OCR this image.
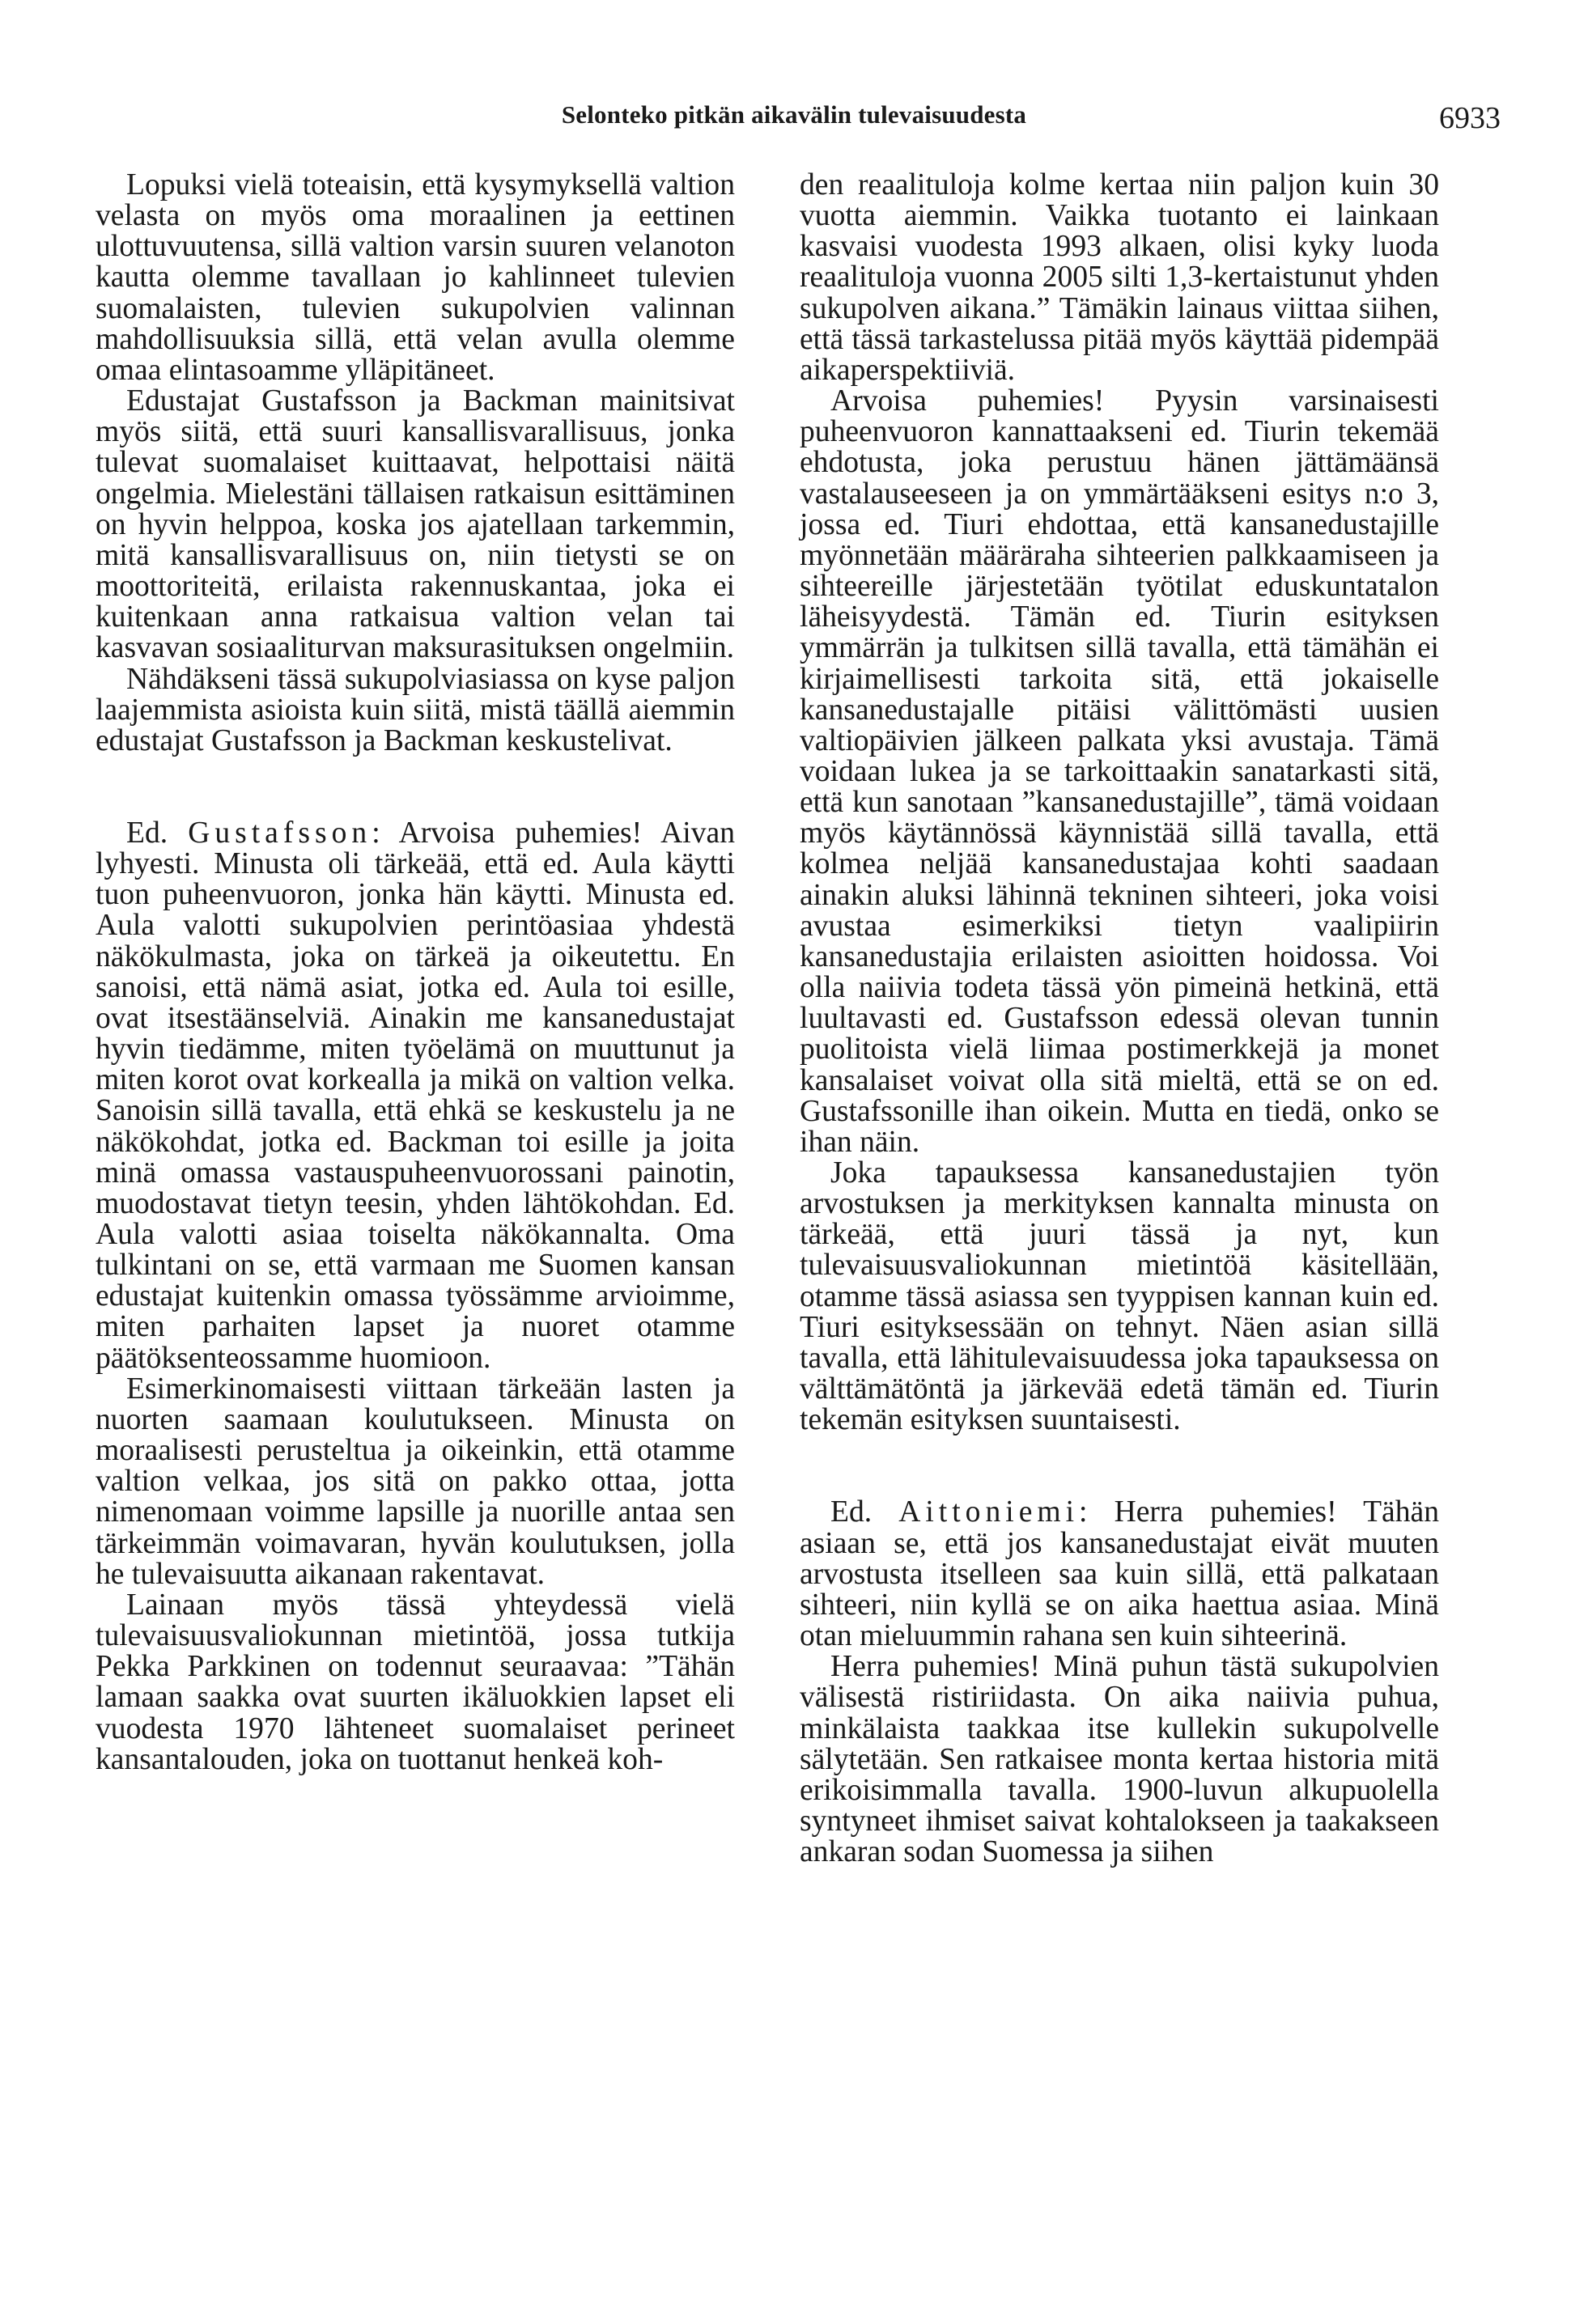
Selonteko pitkän aikavälin tulevaisuudesta	6933

Lopuksi vielä toteaisin, että kysymyksellä valtion velasta on myös oma moraalinen ja eettinen ulottuvuutensa, sillä valtion varsin suuren velanoton kautta olemme tavallaan jo kahlinneet tulevien suomalaisten, tulevien sukupolvien valinnan mahdollisuuksia sillä, että velan avulla olemme omaa elintasoamme ylläpitäneet.

Edustajat Gustafsson ja Backman mainitsivat myös siitä, että suuri kansallisvarallisuus, jonka tulevat suomalaiset kuittaavat, helpottaisi näitä ongelmia. Mielestäni tällaisen ratkaisun esittäminen on hyvin helppoa, koska jos ajatellaan tarkemmin, mitä kansallisvarallisuus on, niin tietysti se on moottoriteitä, erilaista rakennuskantaa, joka ei kuitenkaan anna ratkaisua valtion velan tai kasvavan sosiaaliturvan maksurasituksen ongelmiin.

Nähdäkseni tässä sukupolviasiassa on kyse paljon laajemmista asioista kuin siitä, mistä täällä aiemmin edustajat Gustafsson ja Backman keskustelivat.

Ed. Gustafsson: Arvoisa puhemies! Aivan lyhyesti. Minusta oli tärkeää, että ed. Aula käytti tuon puheenvuoron, jonka hän käytti. Minusta ed. Aula valotti sukupolvien perintöasiaa yhdestä näkökulmasta, joka on tärkeä ja oikeutettu. En sanoisi, että nämä asiat, jotka ed. Aula toi esille, ovat itsestäänselviä. Ainakin me kansanedustajat hyvin tiedämme, miten työelämä on muuttunut ja miten korot ovat korkealla ja mikä on valtion velka. Sanoisin sillä tavalla, että ehkä se keskustelu ja ne näkökohdat, jotka ed. Backman toi esille ja joita minä omassa vastauspuheenvuorossani painotin, muodostavat tietyn teesin, yhden lähtökohdan. Ed. Aula valotti asiaa toiselta näkökannalta. Oma tulkintani on se, että varmaan me Suomen kansan edustajat kuitenkin omassa työssämme arvioimme, miten parhaiten lapset ja nuoret otamme päätöksenteossamme huomioon.

Esimerkinomaisesti viittaan tärkeään lasten ja nuorten saamaan koulutukseen. Minusta on moraalisesti perusteltua ja oikeinkin, että otamme valtion velkaa, jos sitä on pakko ottaa, jotta nimenomaan voimme lapsille ja nuorille antaa sen tärkeimmän voimavaran, hyvän koulutuksen, jolla he tulevaisuutta aikanaan rakentavat.

Lainaan myös tässä yhteydessä vielä tulevaisuusvaliokunnan mietintöä, jossa tutkija Pekka Parkkinen on todennut seuraavaa: ”Tähän lamaan saakka ovat suurten ikäluokkien lapset eli vuodesta 1970 lähteneet suomalaiset perineet kansantalouden, joka on tuottanut henkeä koh-

den reaalituloja kolme kertaa niin paljon kuin 30 vuotta aiemmin. Vaikka tuotanto ei lainkaan kasvaisi vuodesta 1993 alkaen, olisi kyky luoda reaalituloja vuonna 2005 silti 1,3-kertaistunut yhden sukupolven aikana.” Tämäkin lainaus viittaa siihen, että tässä tarkastelussa pitää myös käyttää pidempää aikaperspektiiviä.

Arvoisa puhemies! Pyysin varsinaisesti puheenvuoron kannattaakseni ed. Tiurin tekemää ehdotusta, joka perustuu hänen jättämäänsä vastalauseeseen ja on ymmärtääkseni esitys n:o 3, jossa ed. Tiuri ehdottaa, että kansanedustajille myönnetään määräraha sihteerien palkkaamiseen ja sihteereille järjestetään työtilat eduskuntatalon läheisyydestä. Tämän ed. Tiurin esityksen ymmärrän ja tulkitsen sillä tavalla, että tämähän ei kirjaimellisesti tarkoita sitä, että jokaiselle kansanedustajalle pitäisi välittömästi uusien valtiopäivien jälkeen palkata yksi avustaja. Tämä voidaan lukea ja se tarkoittaakin sanatarkasti sitä, että kun sanotaan ”kansanedustajille”, tämä voidaan myös käytännössä käynnistää sillä tavalla, että kolmea neljää kansanedustajaa kohti saadaan ainakin aluksi lähinnä tekninen sihteeri, joka voisi avustaa esimerkiksi tietyn vaalipiirin kansanedustajia erilaisten asioitten hoidossa. Voi olla naiivia todeta tässä yön pimeinä hetkinä, että luultavasti ed. Gustafsson edessä olevan tunnin puolitoista vielä liimaa postimerkkejä ja monet kansalaiset voivat olla sitä mieltä, että se on ed. Gustafssonille ihan oikein. Mutta en tiedä, onko se ihan näin.

Joka tapauksessa kansanedustajien työn arvostuksen ja merkityksen kannalta minusta on tärkeää, että juuri tässä ja nyt, kun tulevaisuusvaliokunnan mietintöä käsitellään, otamme tässä asiassa sen tyyppisen kannan kuin ed. Tiuri esityksessään on tehnyt. Näen asian sillä tavalla, että lähitulevaisuudessa joka tapauksessa on välttämätöntä ja järkevää edetä tämän ed. Tiurin tekemän esityksen suuntaisesti.

Ed. Aittoniemi: Herra puhemies! Tähän asiaan se, että jos kansanedustajat eivät muuten arvostusta itselleen saa kuin sillä, että palkataan sihteeri, niin kyllä se on aika haettua asiaa. Minä otan mieluummin rahana sen kuin sihteerinä.

Herra puhemies! Minä puhun tästä sukupolvien välisestä ristiriidasta. On aika naiivia puhua, minkälaista taakkaa itse kullekin sukupolvelle sälytetään. Sen ratkaisee monta kertaa historia mitä erikoisimmalla tavalla. 1900-luvun alkupuolella syntyneet ihmiset saivat kohtalokseen ja taakakseen ankaran sodan Suomessa ja siihen
